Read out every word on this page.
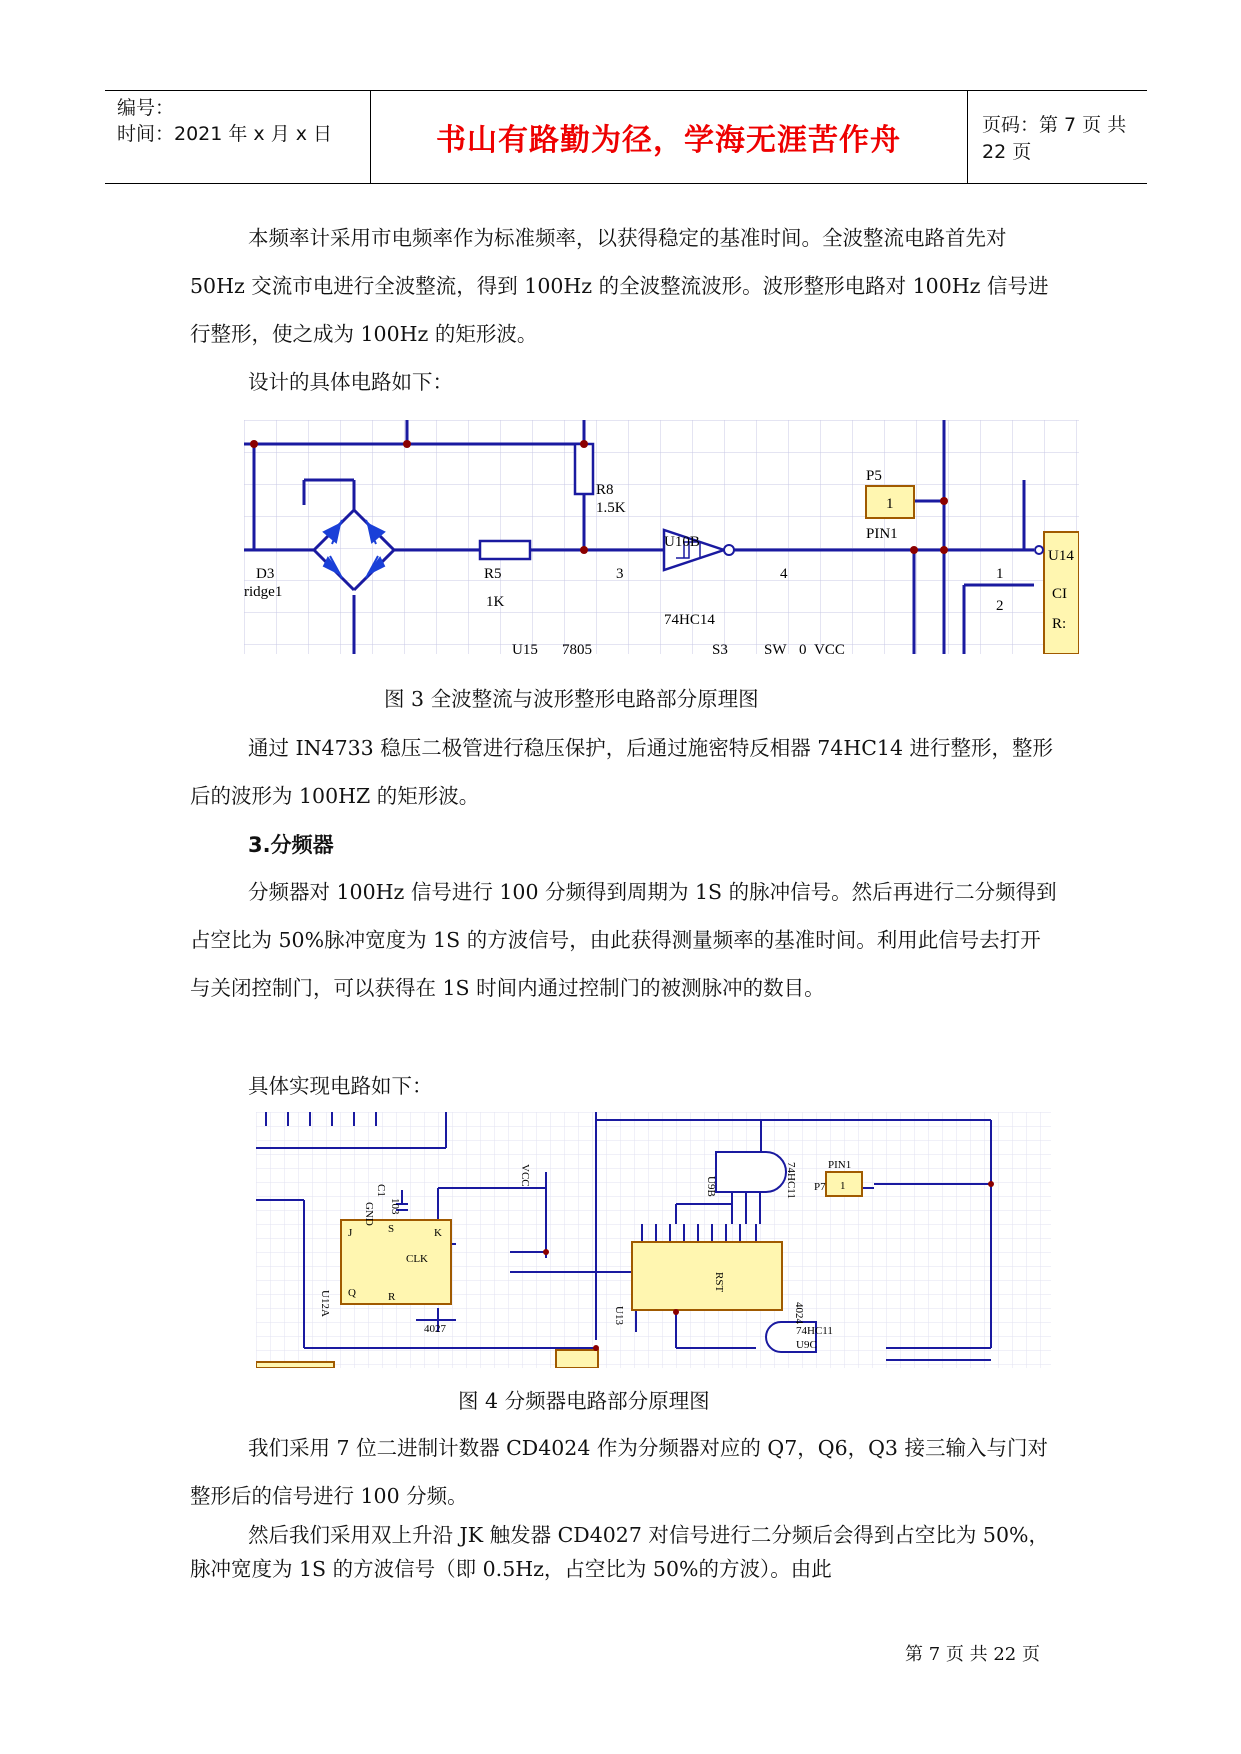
编号：
时间：2021 年 x 月 x 日	书山有路勤为径，学海无涯苦作舟	页码：第 7 页 共 22 页

本频率计采用市电频率作为标准频率，以获得稳定的基准时间。全波整流电路首先对 50Hz 交流市电进行全波整流，得到 100Hz 的全波整流波形。波形整形电路对 100Hz 信号进行整形，使之成为 100Hz 的矩形波。

设计的具体电路如下：

R8
1.5K
P5
1
PIN1
D3
ridge1
R5
1K
3
U10B
4
74HC14
1
2
U14
CI
R:
U15 7805	S3 SW 0 VCC
图 3 全波整流与波形整形电路部分原理图

通过 IN4733 稳压二极管进行稳压保护，后通过施密特反相器 74HC14 进行整形，整形后的波形为 100HZ 的矩形波。

3.分频器

分频器对 100Hz 信号进行 100 分频得到周期为 1S 的脉冲信号。然后再进行二分频得到占空比为 50%脉冲宽度为 1S 的方波信号，由此获得测量频率的基准时间。利用此信号去打开与关闭控制门，可以获得在 1S 时间内通过控制门的被测脉冲的数目。

具体实现电路如下：

U12A
4027
U13	4024
U9B	74HC11
U9C
74HC11
P7 1
PIN1
C1
103
GND
VCC
CLK
RST
J	K
Q
S
R
图 4 分频器电路部分原理图

我们采用 7 位二进制计数器 CD4024 作为分频器对应的 Q7，Q6，Q3 接三输入与门对整形后的信号进行 100 分频。

然后我们采用双上升沿 JK 触发器 CD4027 对信号进行二分频后会得到占空比为 50%，脉冲宽度为 1S 的方波信号（即 0.5Hz，占空比为 50%的方波）。由此

第 7 页 共 22 页
